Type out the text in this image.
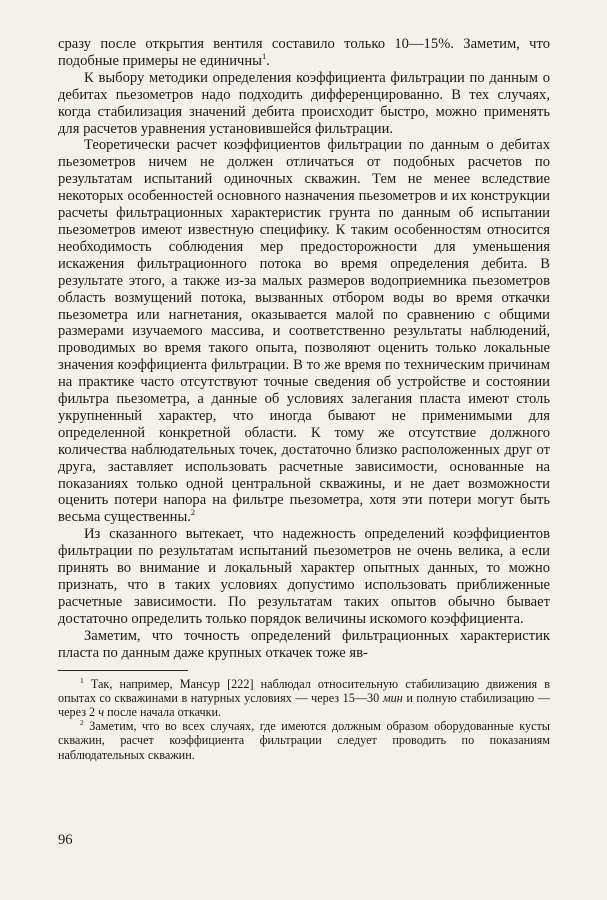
сразу после открытия вентиля составило только 10—15%. Заметим, что подобные примеры не единичны$^1$.

К выбору методики определения коэффициента фильтрации по данным о дебитах пьезометров надо подходить дифференцированно. В тех случаях, когда стабилизация значений дебита происходит быстро, можно применять для расчетов уравнения установившейся фильтрации.

Теоретически расчет коэффициентов фильтрации по данным о дебитах пьезометров ничем не должен отличаться от подобных расчетов по результатам испытаний одиночных скважин. Тем не менее вследствие некоторых особенностей основного назначения пьезометров и их конструкции расчеты фильтрационных характеристик грунта по данным об испытании пьезометров имеют известную специфику. К таким особенностям относится необходимость соблюдения мер предосторожности для уменьшения искажения фильтрационного потока во время определения дебита. В результате этого, а также из-за малых размеров водоприемника пьезометров область возмущений потока, вызванных отбором воды во время откачки пьезометра или нагнетания, оказывается малой по сравнению с общими размерами изучаемого массива, и соответственно результаты наблюдений, проводимых во время такого опыта, позволяют оценить только локальные значения коэффициента фильтрации. В то же время по техническим причинам на практике часто отсутствуют точные сведения об устройстве и состоянии фильтра пьезометра, а данные об условиях залегания пласта имеют столь укрупненный характер, что иногда бывают не применимыми для определенной конкретной области. К тому же отсутствие должного количества наблюдательных точек, достаточно близко расположенных друг от друга, заставляет использовать расчетные зависимости, основанные на показаниях только одной центральной скважины, и не дает возможности оценить потери напора на фильтре пьезометра, хотя эти потери могут быть весьма существенны.$^2$

Из сказанного вытекает, что надежность определений коэффициентов фильтрации по результатам испытаний пьезометров не очень велика, а если принять во внимание и локальный характер опытных данных, то можно признать, что в таких условиях допустимо использовать приближенные расчетные зависимости. По результатам таких опытов обычно бывает достаточно определить только порядок величины искомого коэффициента.

Заметим, что точность определений фильтрационных характеристик пласта по данным даже крупных откачек тоже яв-

$^1$ Так, например, Мансур [222] наблюдал относительную стабилизацию движения в опытах со скважинами в натурных условиях — через 15—30 мин и полную стабилизацию — через 2 ч после начала откачки.

$^2$ Заметим, что во всех случаях, где имеются должным образом оборудованные кусты скважин, расчет коэффициента фильтрации следует проводить по показаниям наблюдательных скважин.

96
